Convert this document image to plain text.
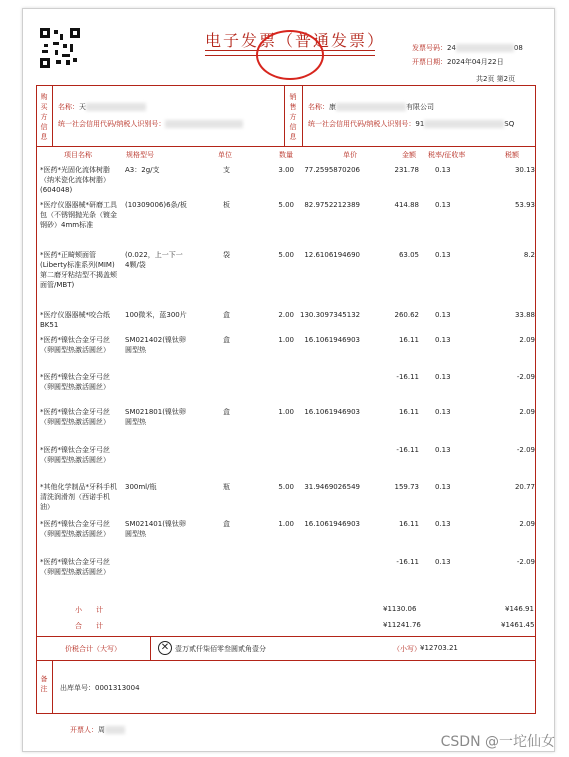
电子发票（普通发票）	发票号码：24	08
开票日期：2024年04月22日
共2页 第2页
购买方信息
名称：天
统一社会信用代码/纳税人识别号：
销售方信息
名称：康	有限公司
统一社会信用代码/纳税人识别号：91	SQ
项目名称	规格型号	单位	数量	单价	金额 税率/征收率	税额
*医药*光固化流体树脂（纳米瓷化流体树脂）(604048)
A3：2g/支	支	3.00	77.2595870206	231.78 0.13	30.13
*医疗仪器器械*研磨工具包（不锈钢抛光条（镀金钢砂）4mm标准
(10309006)6条/板	板	5.00	82.9752212389	414.88 0.13	53.93
*医药*正畸颊面管(Liberty标准系列(MIM)第二磨牙粘结型不揭盖颊面管/MBT)
(0.022，上一下一4颗/袋
袋	5.00	12.6106194690	63.05 0.13	8.2
*医疗仪器器械*咬合纸BK51
100微米，蓝300片	盒	2.00 130.3097345132	260.62 0.13	33.88
*医药*镍钛合金牙弓丝（卵圆型热激活圆丝）
SM021402(镍钛卵圆型热
盒	1.00	16.1061946903	16.11 0.13	2.09
*医药*镍钛合金牙弓丝（卵圆型热激活圆丝）
-16.11 0.13	-2.09
*医药*镍钛合金牙弓丝（卵圆型热激活圆丝）
SM021801(镍钛卵圆型热
盒	1.00	16.1061946903	16.11 0.13	2.09
*医药*镍钛合金牙弓丝（卵圆型热激活圆丝）
-16.11 0.13	-2.09
*其他化学制品*牙科手机清洗润滑剂（西诺手机油）
300ml/瓶	瓶	5.00	31.9469026549	159.73 0.13	20.77
*医药*镍钛合金牙弓丝（卵圆型热激活圆丝）
SM021401(镍钛卵圆型热
盒	1.00	16.1061946903	16.11 0.13	2.09
*医药*镍钛合金牙弓丝（卵圆型热激活圆丝）
-16.11 0.13	-2.09
小　　计	¥1130.06	¥146.91
合　　计	¥11241.76	¥1461.45
价税合计（大写）	✕ 壹万贰仟柒佰零叁圆贰角壹分	（小写） ¥12703.21
备注 出库单号：0001313004
开票人：周
CSDN @一坨仙女
